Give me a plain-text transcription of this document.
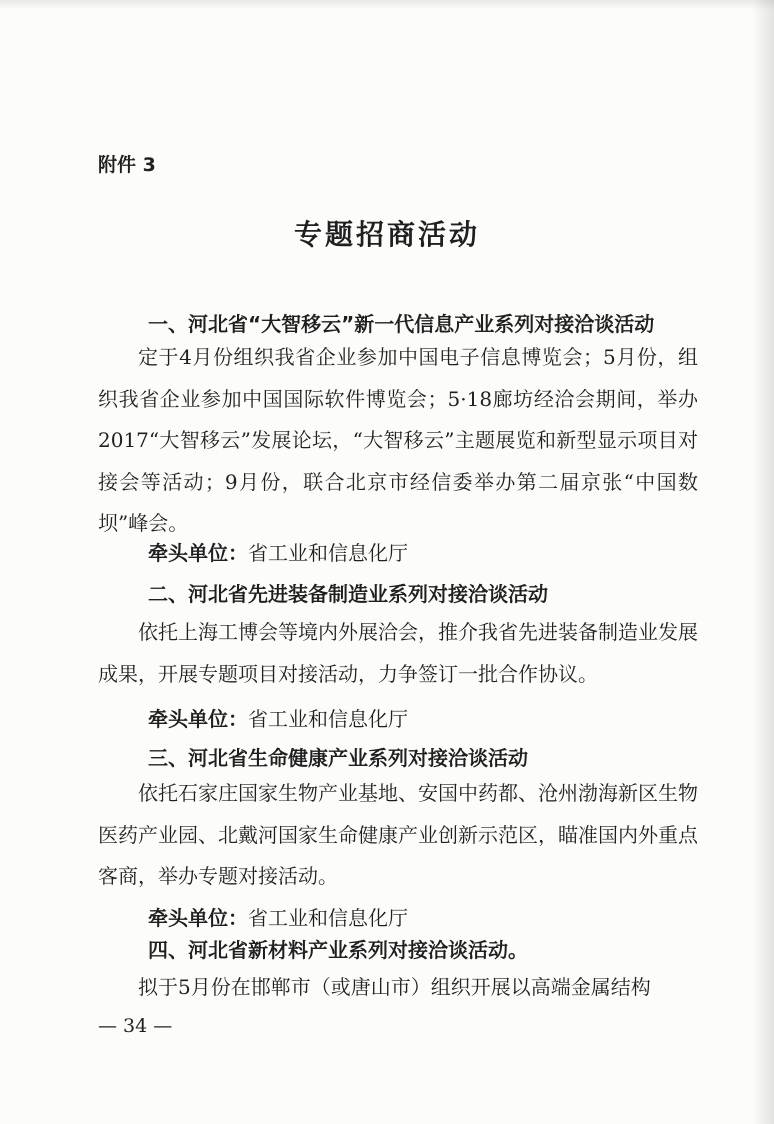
附件 3
专题招商活动
一、河北省“大智移云”新一代信息产业系列对接洽谈活动
定于4月份组织我省企业参加中国电子信息博览会；5月份，组织我省企业参加中国国际软件博览会；5·18廊坊经洽会期间，举办 2017“大智移云”发展论坛，“大智移云”主题展览和新型显示项目对接会等活动；9月份，联合北京市经信委举办第二届京张“中国数坝”峰会。
牵头单位：省工业和信息化厅
二、河北省先进装备制造业系列对接洽谈活动
依托上海工博会等境内外展洽会，推介我省先进装备制造业发展成果，开展专题项目对接活动，力争签订一批合作协议。
牵头单位：省工业和信息化厅
三、河北省生命健康产业系列对接洽谈活动
依托石家庄国家生物产业基地、安国中药都、沧州渤海新区生物医药产业园、北戴河国家生命健康产业创新示范区，瞄准国内外重点客商，举办专题对接活动。
牵头单位：省工业和信息化厅
四、河北省新材料产业系列对接洽谈活动。
拟于5月份在邯郸市（或唐山市）组织开展以高端金属结构
— 34 —
